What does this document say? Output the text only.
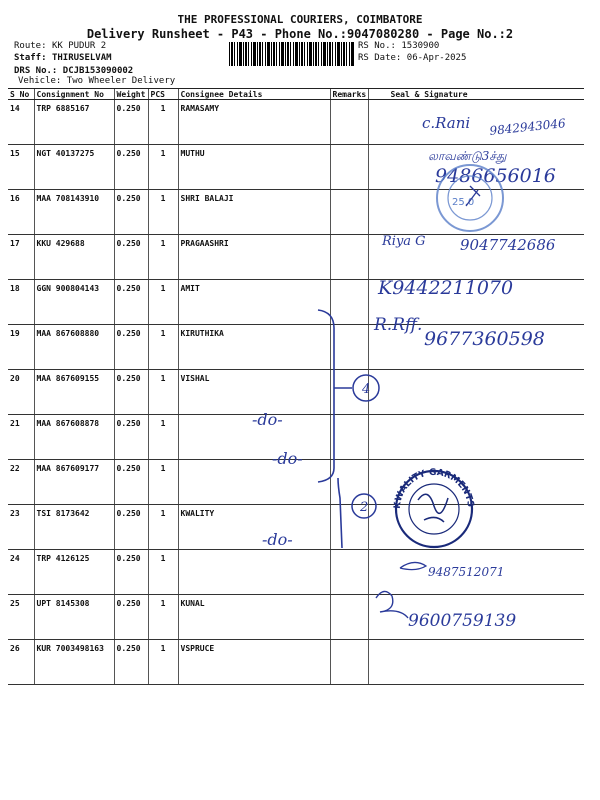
THE PROFESSIONAL COURIERS, COIMBATORE
Delivery Runsheet - P43 - Phone No.:9047080280 - Page No.:2
Route: KK PUDUR 2
Staff: THIRUSELVAM
DRS No.: DCJB153090002
Vehicle: Two Wheeler Delivery
RS No.: 1530900
RS Date: 06-Apr-2025
S No	Consignment No	Weight	PCS	Consignee Details	Remarks	Seal & Signature
14	TRP 6885167	0.250	1	RAMASAMY		
15	NGT 40137275	0.250	1	MUTHU		
16	MAA 708143910	0.250	1	SHRI BALAJI		
17	KKU 429688	0.250	1	PRAGAASHRI		
18	GGN 900804143	0.250	1	AMIT		
19	MAA 867608880	0.250	1	KIRUTHIKA		
20	MAA 867609155	0.250	1	VISHAL		
21	MAA 867608878	0.250	1			
22	MAA 867609177	0.250	1			
23	TSI 8173642	0.250	1	KWALITY		
24	TRP 4126125	0.250	1			
25	UPT 8145308	0.250	1	KUNAL		
26	KUR 7003498163	0.250	1	VSPRUCE		
c.Rani 9842943046
லாவண்டு3ச்து
9486656016
25.0
Riya G 9047742686
K9442211070
R.Rff.
9677360598
4
-do-
-do-
2
-do-
KWALITY GARMENTS
9487512071
9600759139
